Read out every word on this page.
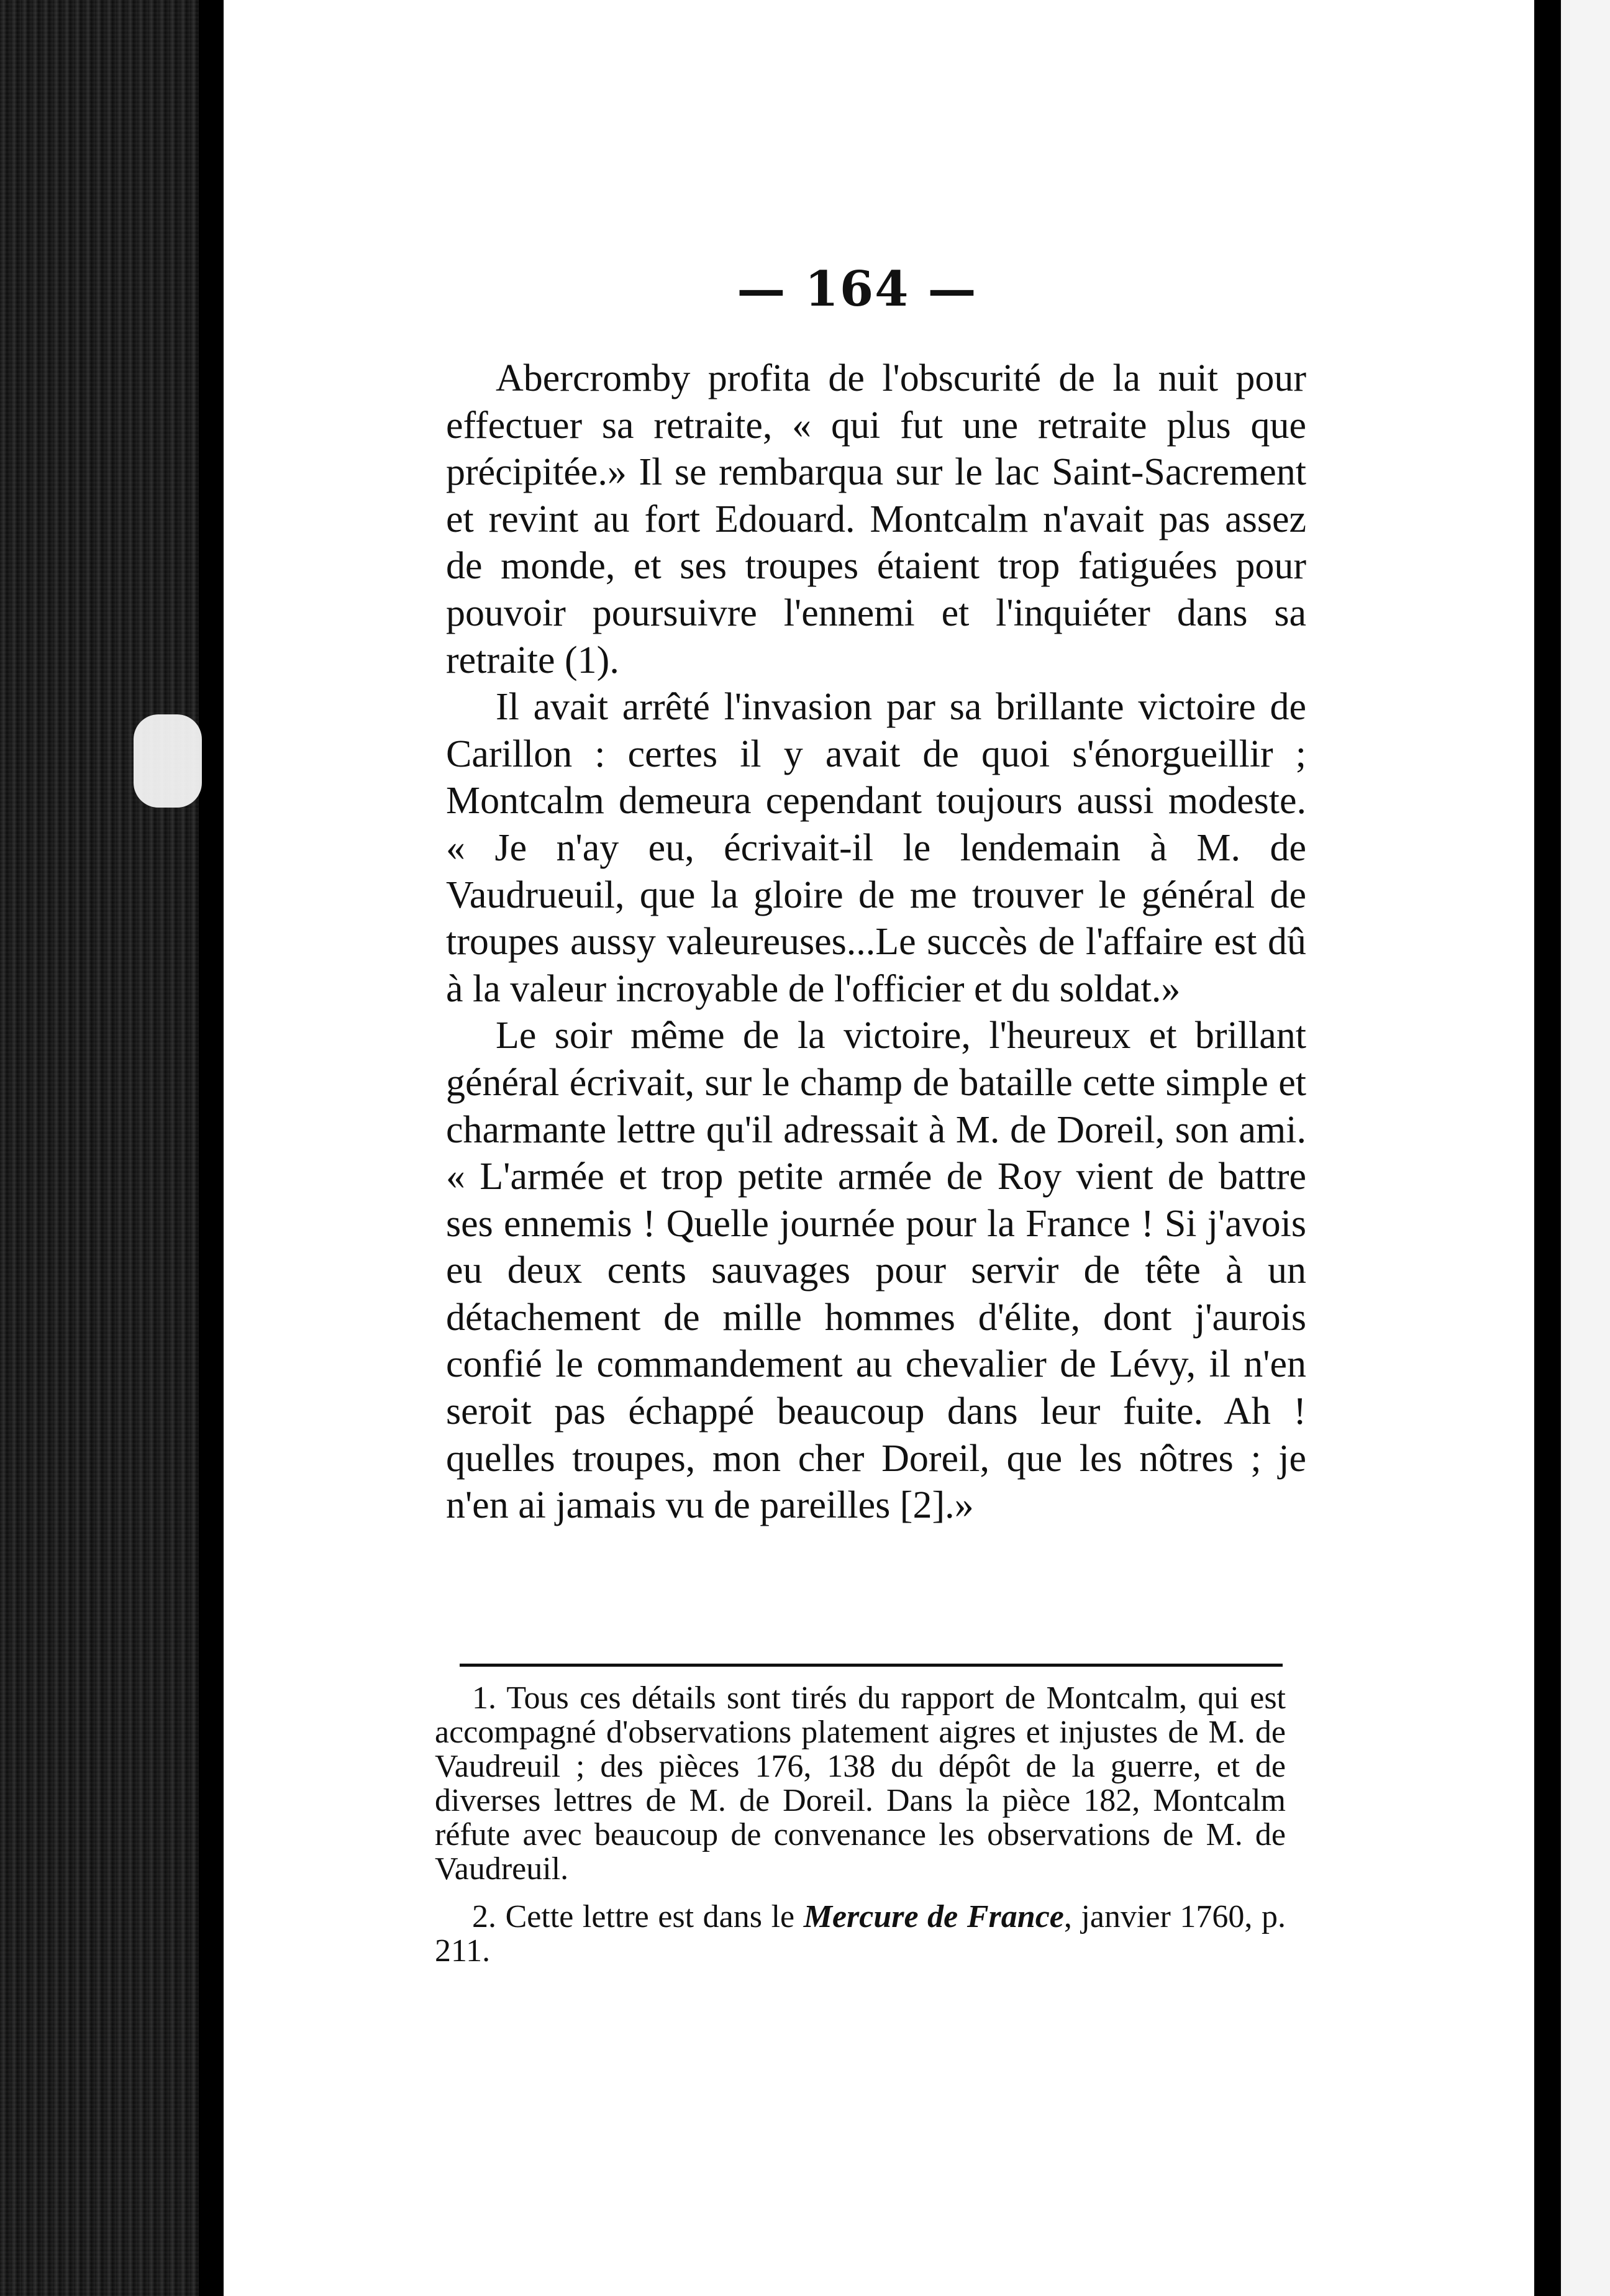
— 164 —

Abercromby profita de l'obscurité de la nuit pour effectuer sa retraite, « qui fut une retraite plus que précipitée.» Il se rembarqua sur le lac Saint-Sacrement et revint au fort Edouard. Montcalm n'avait pas assez de monde, et ses troupes étaient trop fatiguées pour pouvoir poursuivre l'ennemi et l'inquiéter dans sa retraite (1).

Il avait arrêté l'invasion par sa brillante victoire de Carillon : certes il y avait de quoi s'énorgueillir ; Montcalm demeura cependant toujours aussi modeste. « Je n'ay eu, écrivait-il le lendemain à M. de Vaudrueuil, que la gloire de me trouver le général de troupes aussy valeureuses...Le succès de l'affaire est dû à la valeur incroyable de l'officier et du soldat.»

Le soir même de la victoire, l'heureux et brillant général écrivait, sur le champ de bataille cette simple et charmante lettre qu'il adressait à M. de Doreil, son ami. « L'armée et trop petite armée de Roy vient de battre ses ennemis ! Quelle journée pour la France ! Si j'avois eu deux cents sauvages pour servir de tête à un détachement de mille hommes d'élite, dont j'aurois confié le commandement au chevalier de Lévy, il n'en seroit pas échappé beaucoup dans leur fuite. Ah ! quelles troupes, mon cher Doreil, que les nôtres ; je n'en ai jamais vu de pareilles [2].»

1. Tous ces détails sont tirés du rapport de Montcalm, qui est accompagné d'observations platement aigres et injustes de M. de Vaudreuil ; des pièces 176, 138 du dépôt de la guerre, et de diverses lettres de M. de Doreil. Dans la pièce 182, Montcalm réfute avec beaucoup de convenance les observations de M. de Vaudreuil.

2. Cette lettre est dans le Mercure de France, janvier 1760, p. 211.
